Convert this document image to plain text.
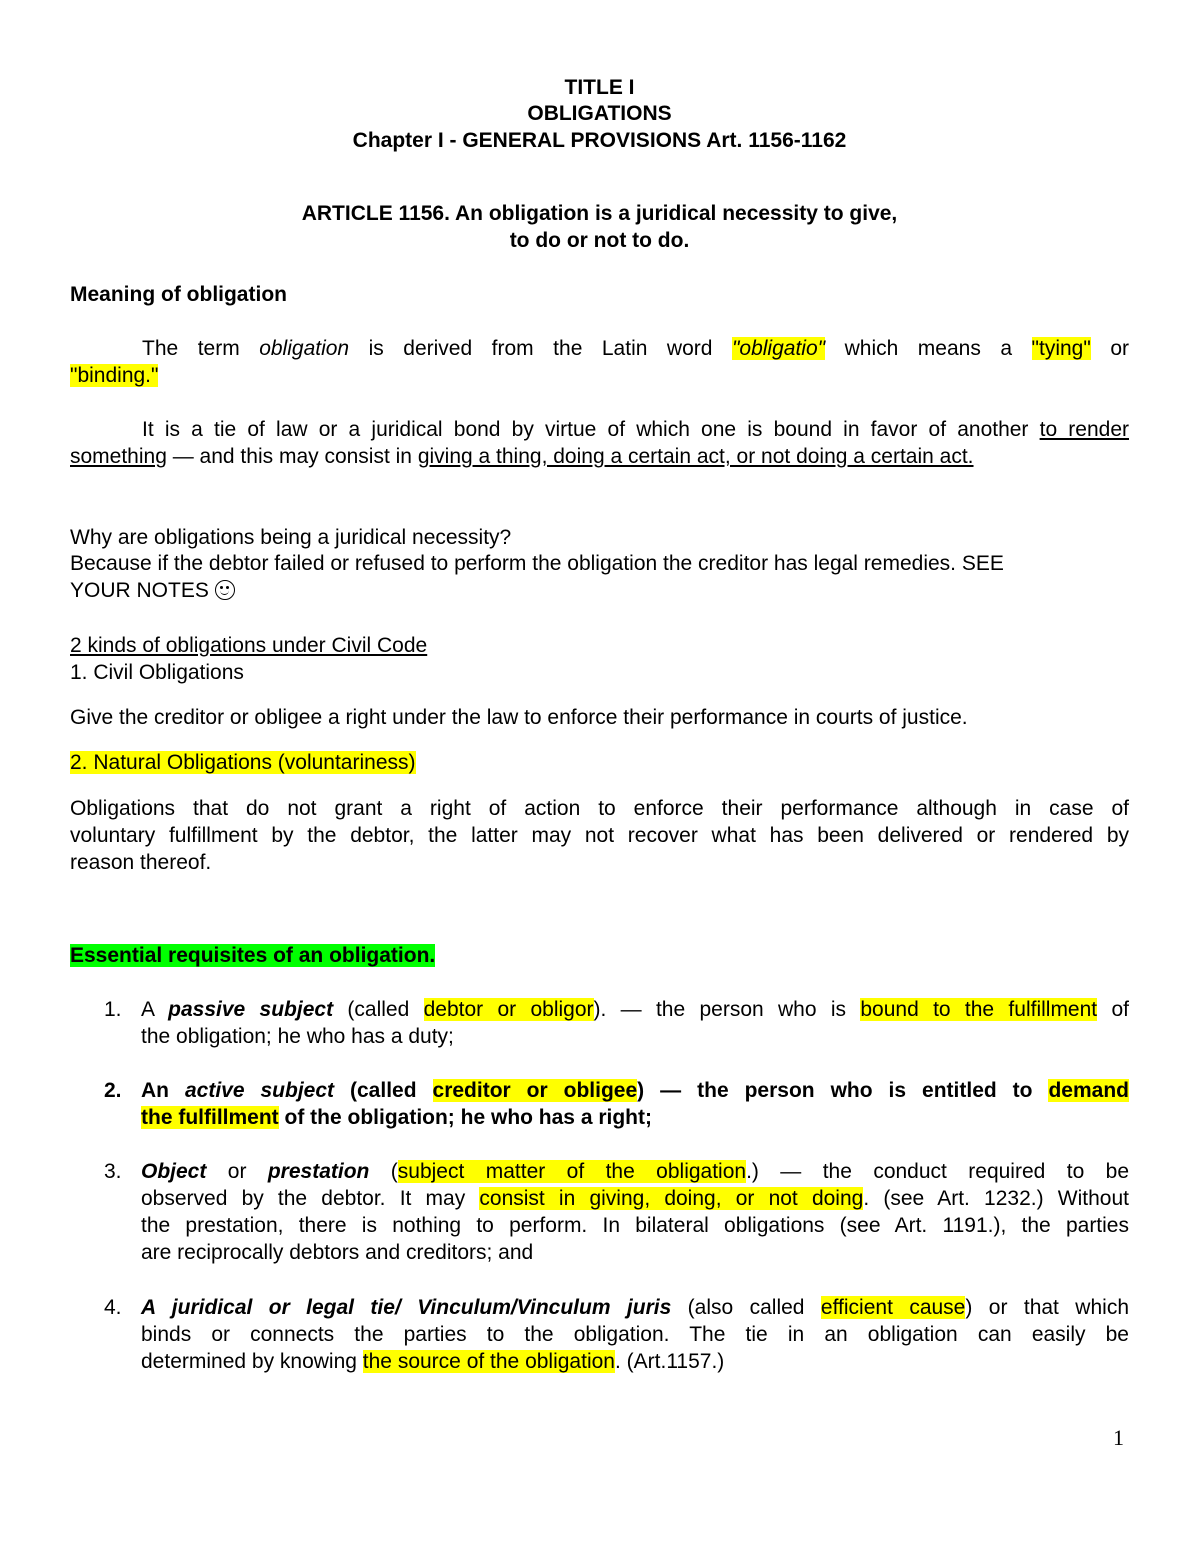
TITLE I
OBLIGATIONS
Chapter I - GENERAL PROVISIONS Art. 1156-1162
ARTICLE 1156. An obligation is a juridical necessity to give,
to do or not to do.
Meaning of obligation
The term obligation is derived from the Latin word "obligatio" which means a "tying" or
"binding."
It is a tie of law or a juridical bond by virtue of which one is bound in favor of another to render
something — and this may consist in giving a thing, doing a certain act, or not doing a certain act.
Why are obligations being a juridical necessity?
Because if the debtor failed or refused to perform the obligation the creditor has legal remedies. SEE
YOUR NOTES
2 kinds of obligations under Civil Code
1. Civil Obligations
Give the creditor or obligee a right under the law to enforce their performance in courts of justice.
2. Natural Obligations (voluntariness)
Obligations that do not grant a right of action to enforce their performance although in case of
voluntary fulfillment by the debtor, the latter may not recover what has been delivered or rendered by
reason thereof.
Essential requisites of an obligation.
1. A passive subject (called debtor or obligor). — the person who is bound to the fulfillment of
the obligation; he who has a duty;
2. An active subject (called creditor or obligee) — the person who is entitled to demand
the fulfillment of the obligation; he who has a right;
3. Object or prestation (subject matter of the obligation.) — the conduct required to be
observed by the debtor. It may consist in giving, doing, or not doing. (see Art. 1232.) Without
the prestation, there is nothing to perform. In bilateral obligations (see Art. 1191.), the parties
are reciprocally debtors and creditors; and
4. A juridical or legal tie/ Vinculum/Vinculum juris (also called efficient cause) or that which
binds or connects the parties to the obligation. The tie in an obligation can easily be
determined by knowing the source of the obligation. (Art.1157.)
1
